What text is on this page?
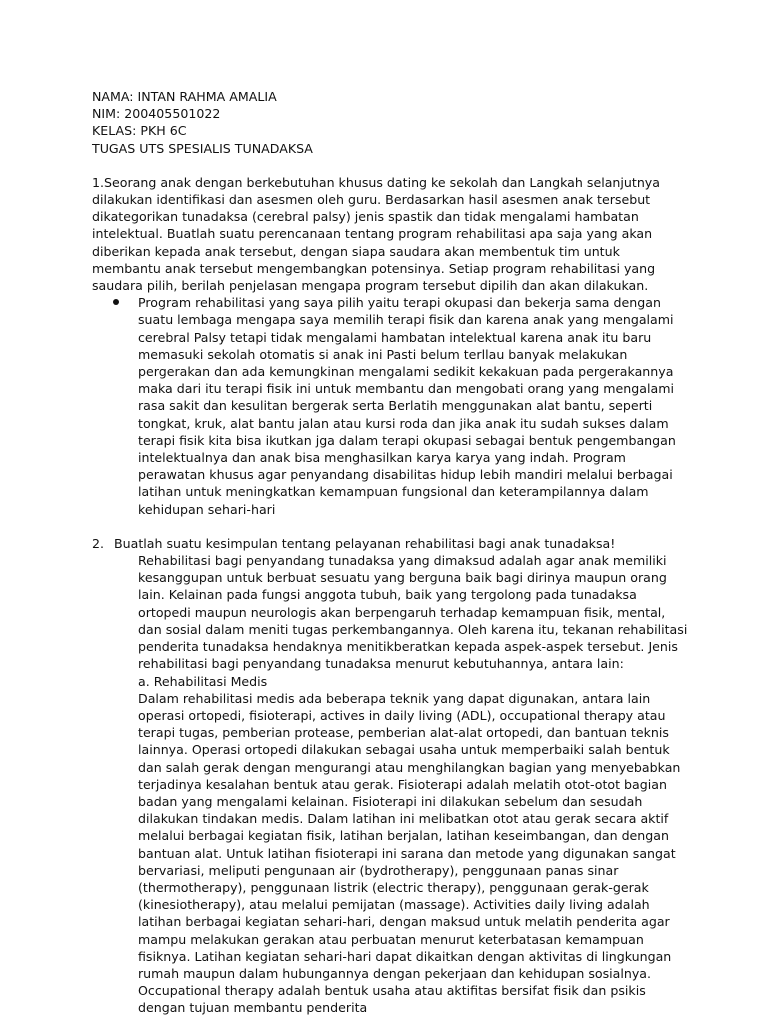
NAMA: INTAN RAHMA AMALIA

NIM: 200405501022

KELAS: PKH 6C

TUGAS UTS SPESIALIS TUNADAKSA

1.Seorang anak dengan berkebutuhan khusus dating ke sekolah dan Langkah selanjutnya dilakukan identifikasi dan asesmen oleh guru. Berdasarkan hasil asesmen anak tersebut dikategorikan tunadaksa (cerebral palsy) jenis spastik dan tidak mengalami hambatan intelektual. Buatlah suatu perencanaan tentang program rehabilitasi apa saja yang akan diberikan kepada anak tersebut, dengan siapa saudara akan membentuk tim untuk membantu anak tersebut mengembangkan potensinya. Setiap program rehabilitasi yang saudara pilih, berilah penjelasan mengapa program tersebut dipilih dan akan dilakukan.

Program rehabilitasi yang saya pilih yaitu terapi okupasi dan bekerja sama dengan suatu lembaga mengapa saya memilih terapi fisik dan karena anak yang mengalami cerebral Palsy tetapi tidak mengalami hambatan intelektual karena anak itu baru memasuki sekolah otomatis si anak ini Pasti belum terllau banyak melakukan pergerakan dan ada kemungkinan mengalami sedikit kekakuan pada pergerakannya maka dari itu terapi fisik ini untuk membantu dan mengobati orang yang mengalami rasa sakit dan kesulitan bergerak serta Berlatih menggunakan alat bantu, seperti tongkat, kruk, alat bantu jalan atau kursi roda dan jika anak itu sudah sukses dalam terapi fisik kita bisa ikutkan jga dalam terapi okupasi sebagai bentuk pengembangan intelektualnya dan anak bisa menghasilkan karya karya yang indah. Program perawatan khusus agar penyandang disabilitas hidup lebih mandiri melalui berbagai latihan untuk meningkatkan kemampuan fungsional dan keterampilannya dalam kehidupan sehari-hari

2. Buatlah suatu kesimpulan tentang pelayanan rehabilitasi bagi anak tunadaksa!

Rehabilitasi bagi penyandang tunadaksa yang dimaksud adalah agar anak memiliki kesanggupan untuk berbuat sesuatu yang berguna baik bagi dirinya maupun orang lain. Kelainan pada fungsi anggota tubuh, baik yang tergolong pada tunadaksa ortopedi maupun neurologis akan berpengaruh terhadap kemampuan fisik, mental, dan sosial dalam meniti tugas perkembangannya. Oleh karena itu, tekanan rehabilitasi penderita tunadaksa hendaknya menitikberatkan kepada aspek-aspek tersebut. Jenis rehabilitasi bagi penyandang tunadaksa menurut kebutuhannya, antara lain:

a. Rehabilitasi Medis

Dalam rehabilitasi medis ada beberapa teknik yang dapat digunakan, antara lain operasi ortopedi, fisioterapi, actives in daily living (ADL), occupational therapy atau terapi tugas, pemberian protease, pemberian alat-alat ortopedi, dan bantuan teknis lainnya. Operasi ortopedi dilakukan sebagai usaha untuk memperbaiki salah bentuk dan salah gerak dengan mengurangi atau menghilangkan bagian yang menyebabkan terjadinya kesalahan bentuk atau gerak. Fisioterapi adalah melatih otot-otot bagian badan yang mengalami kelainan. Fisioterapi ini dilakukan sebelum dan sesudah dilakukan tindakan medis. Dalam latihan ini melibatkan otot atau gerak secara aktif melalui berbagai kegiatan fisik, latihan berjalan, latihan keseimbangan, dan dengan bantuan alat. Untuk latihan fisioterapi ini sarana dan metode yang digunakan sangat bervariasi, meliputi pengunaan air (bydrotherapy), penggunaan panas sinar (thermotherapy), penggunaan listrik (electric therapy), penggunaan gerak-gerak (kinesiotherapy), atau melalui pemijatan (massage). Activities daily living adalah latihan berbagai kegiatan sehari-hari, dengan maksud untuk melatih penderita agar mampu melakukan gerakan atau perbuatan menurut keterbatasan kemampuan fisiknya. Latihan kegiatan sehari-hari dapat dikaitkan dengan aktivitas di lingkungan rumah maupun dalam hubungannya dengan pekerjaan dan kehidupan sosialnya. Occupational therapy adalah bentuk usaha atau aktifitas bersifat fisik dan psikis dengan tujuan membantu penderita
